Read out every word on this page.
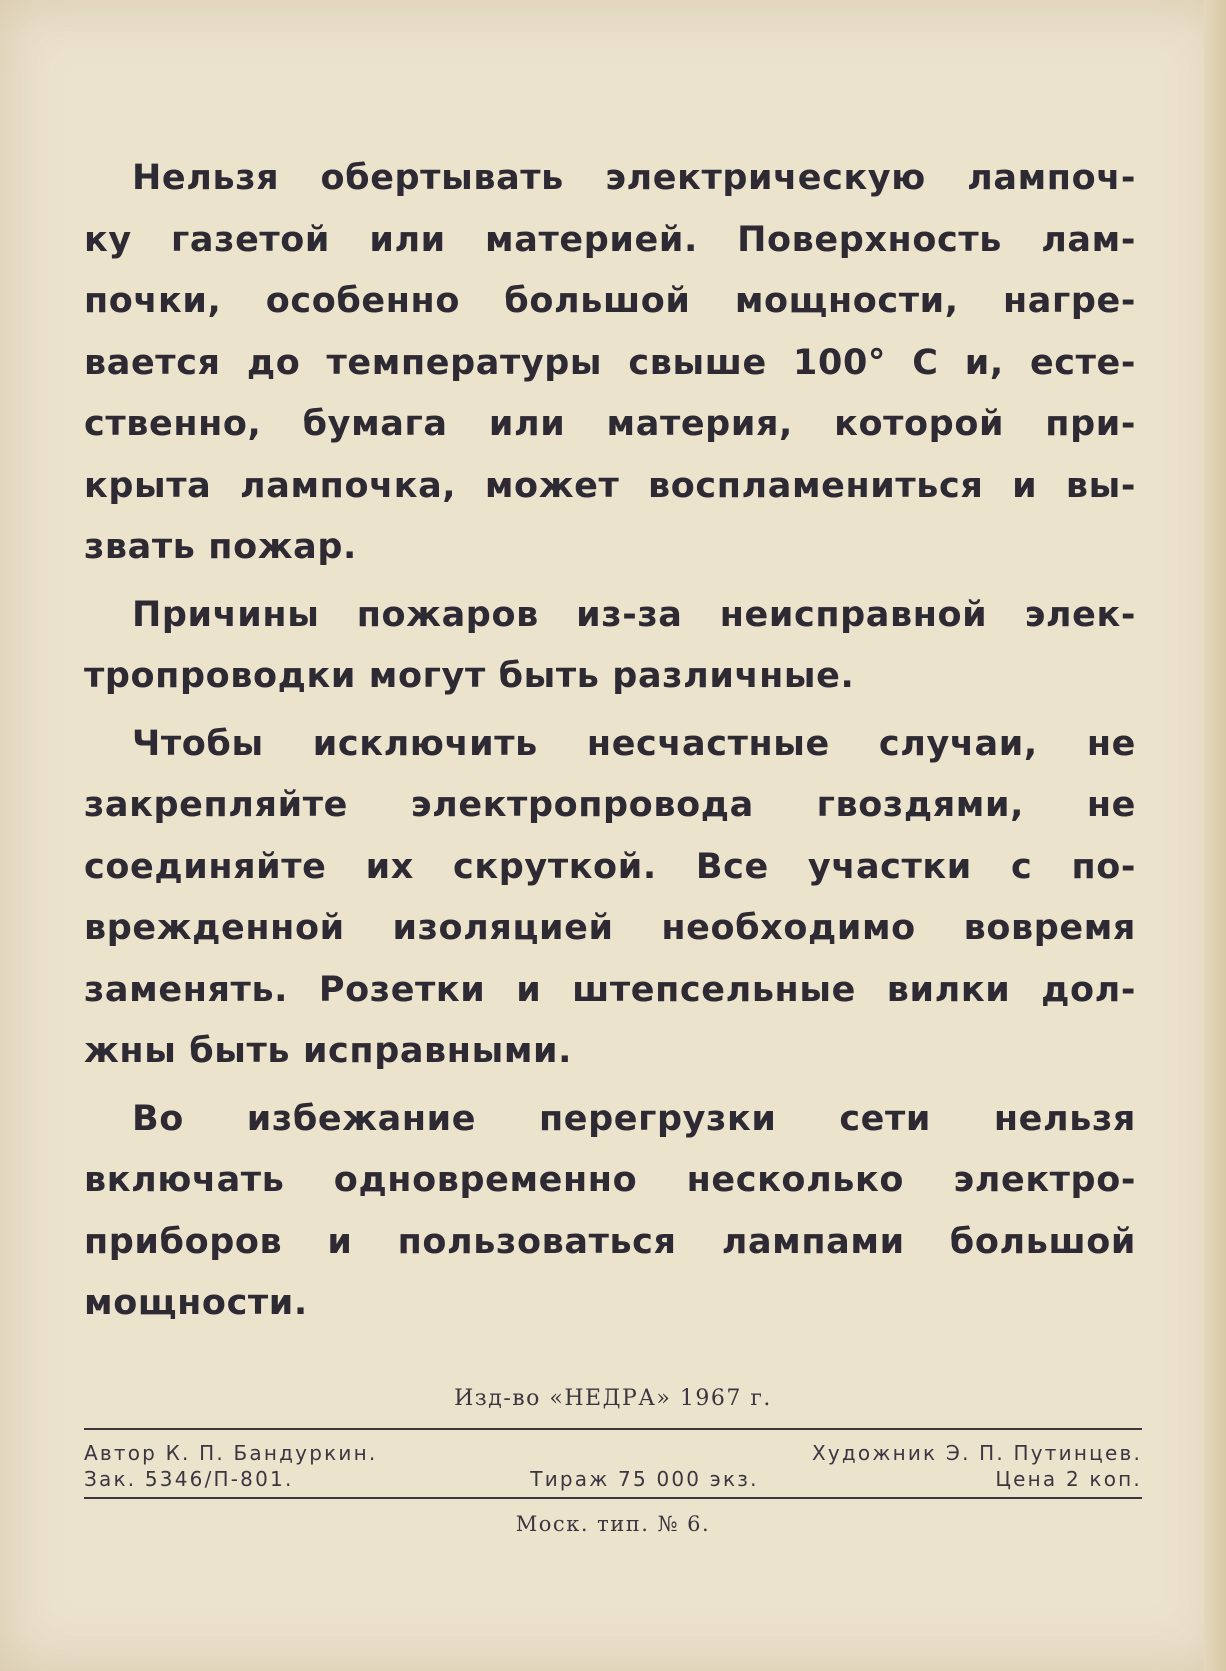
Нельзя обертывать электрическую лампоч-
ку газетой или материей. Поверхность лам-
почки, особенно большой мощности, нагре-
вается до температуры свыше 100° С и, есте-
ственно, бумага или материя, которой при-
крыта лампочка, может воспламениться и вы-
звать пожар.

Причины пожаров из-за неисправной элек-
тропроводки могут быть различные.

Чтобы исключить несчастные случаи, не
закрепляйте электропровода гвоздями, не
соединяйте их скруткой. Все участки с по-
врежденной изоляцией необходимо вовремя
заменять. Розетки и штепсельные вилки дол-
жны быть исправными.

Во избежание перегрузки сети нельзя
включать одновременно несколько электро-
приборов и пользоваться лампами большой
мощности.

Изд-во «НЕДРА» 1967 г.
Автор К. П. Бандуркин.	Художник Э. П. Путинцев.
Зак. 5346/П-801.	Тираж 75 000 экз.	Цена 2 коп.
Моск. тип. № 6.
